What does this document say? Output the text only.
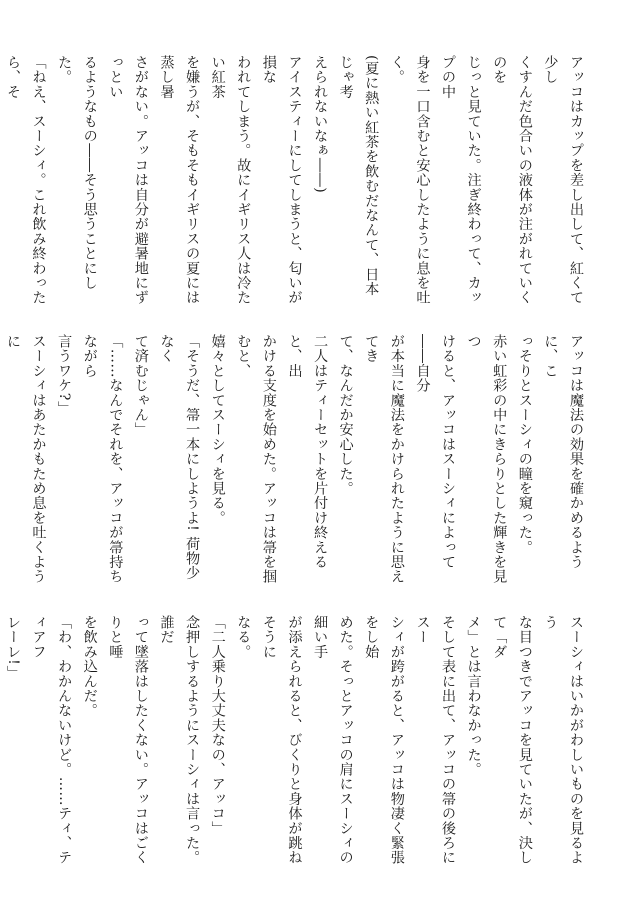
アッコはカップを差し出して、紅くて少し

くすんだ色合いの液体が注がれていくのを

じっと見ていた。注ぎ終わって、カップの中

身を一口含むと安心したように息を吐く。

(夏に熱い紅茶を飲むだなんて、日本じゃ考

えられないなぁ――)

アイスティーにしてしまうと、匂いが損な

われてしまう。故にイギリス人は冷たい紅茶

を嫌うが、そもそもイギリスの夏には蒸し暑

さがない。アッコは自分が避暑地にずっとい

るようなもの――そう思うことにした。

「ねえ、スーシィ。これ飲み終わったら、そ

アッコは魔法の効果を確かめるように、こ

っそりとスーシィの瞳を窺った。

赤い虹彩の中にきらりとした輝きを見つ

けると、アッコはスーシィによって――自分

が本当に魔法をかけられたように思えてき

て、なんだか安心した。

二人はティーセットを片付け終えると、出

かける支度を始めた。アッコは箒を掴むと、

嬉々としてスーシィを見る。

「そうだ、箒一本にしようよ! 荷物少なく

て済むじゃん」

「……なんでそれを、アッコが箒持ちながら

言うワケ?」

スーシィはあたかもため息を吐くように

スーシィはいかがわしいものを見るよう

な目つきでアッコを見ていたが、決して「ダ

メ」とは言わなかった。

そして表に出て、アッコの箒の後ろにスー

シィが跨がると、アッコは物凄く緊張をし始

めた。そっとアッコの肩にスーシィの細い手

が添えられると、びくりと身体が跳ねそうに

なる。

「二人乗り大丈夫なの、アッコ」

念押しするようにスーシィは言った。誰だ

って墜落はしたくない。アッコはごくりと唾

を飲み込んだ。

「わ、わかんないけど。……ティ、ティアフ

レーレ!」
